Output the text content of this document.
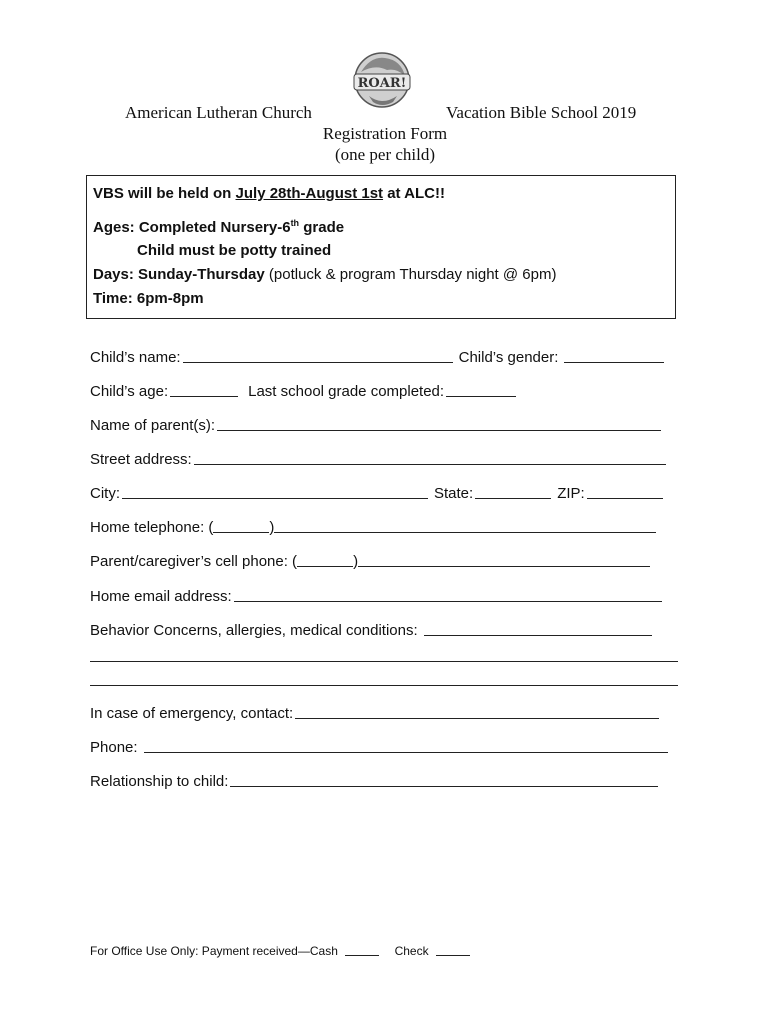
ROAR!
American Lutheran Church	Vacation Bible School 2019
Registration Form
(one per child)
VBS will be held on July 28th-August 1st at ALC!!
Ages: Completed Nursery-6th grade
Child must be potty trained
Days: Sunday-Thursday (potluck & program Thursday night @ 6pm)
Time: 6pm-8pm
Child’s name:	Child’s gender:
Child’s age:	Last school grade completed:
Name of parent(s):
Street address:
City:	State:	ZIP:
Home telephone: (	)
Parent/caregiver’s cell phone: (	)
Home email address:
Behavior Concerns, allergies, medical conditions:
In case of emergency, contact:
Phone:
Relationship to child:
For Office Use Only: Payment received—Cash	Check
